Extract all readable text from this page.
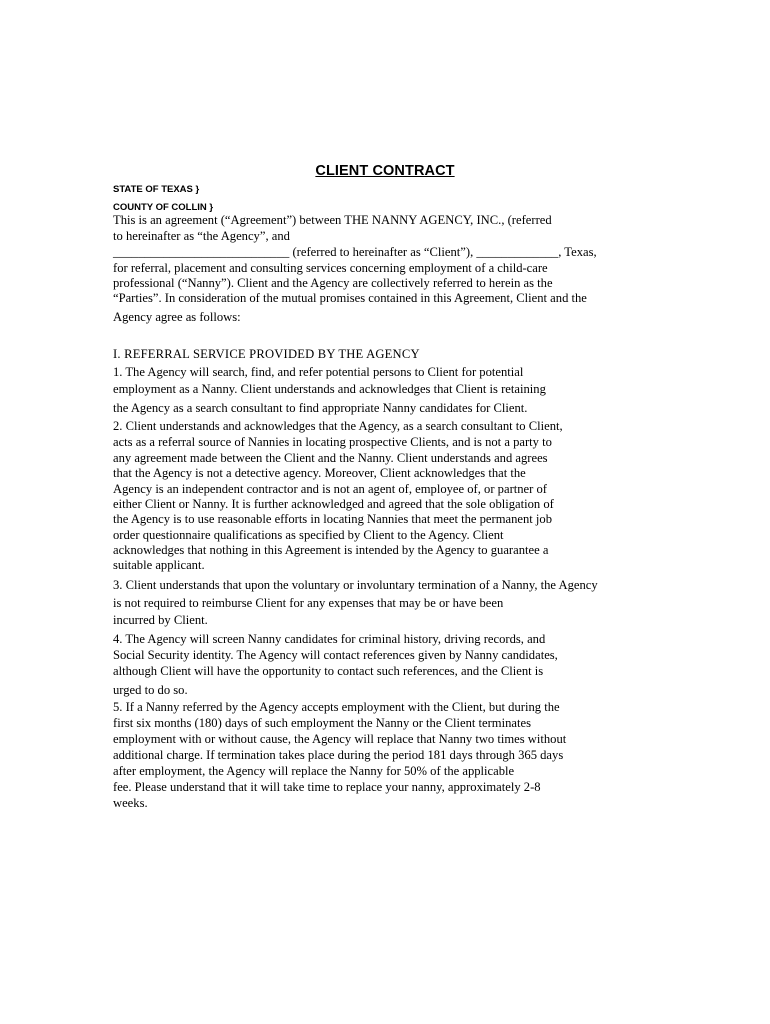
CLIENT CONTRACT
STATE OF TEXAS }
COUNTY OF COLLIN }
This is an agreement (“Agreement”) between THE NANNY AGENCY, INC., (referred
to hereinafter as “the Agency”, and
____________________________ (referred to hereinafter as “Client”), _____________, Texas,
for referral, placement and consulting services concerning employment of a child-care
professional (“Nanny”). Client and the Agency are collectively referred to herein as the
“Parties”. In consideration of the mutual promises contained in this Agreement, Client and the
Agency agree as follows:
I. REFERRAL SERVICE PROVIDED BY THE AGENCY
1. The Agency will search, find, and refer potential persons to Client for potential
employment as a Nanny. Client understands and acknowledges that Client is retaining
the Agency as a search consultant to find appropriate Nanny candidates for Client.
2. Client understands and acknowledges that the Agency, as a search consultant to Client,
acts as a referral source of Nannies in locating prospective Clients, and is not a party to
any agreement made between the Client and the Nanny. Client understands and agrees
that the Agency is not a detective agency. Moreover, Client acknowledges that the
Agency is an independent contractor and is not an agent of, employee of, or partner of
either Client or Nanny. It is further acknowledged and agreed that the sole obligation of
the Agency is to use reasonable efforts in locating Nannies that meet the permanent job
order questionnaire qualifications as specified by Client to the Agency. Client
acknowledges that nothing in this Agreement is intended by the Agency to guarantee a
suitable applicant.
3. Client understands that upon the voluntary or involuntary termination of a Nanny, the Agency
is not required to reimburse Client for any expenses that may be or have been
incurred by Client.
4. The Agency will screen Nanny candidates for criminal history, driving records, and
Social Security identity. The Agency will contact references given by Nanny candidates,
although Client will have the opportunity to contact such references, and the Client is
urged to do so.
5. If a Nanny referred by the Agency accepts employment with the Client, but during the
first six months (180) days of such employment the Nanny or the Client terminates
employment with or without cause, the Agency will replace that Nanny two times without
additional charge. If termination takes place during the period 181 days through 365 days
after employment, the Agency will replace the Nanny for 50% of the applicable
fee. Please understand that it will take time to replace your nanny, approximately 2-8
weeks.
